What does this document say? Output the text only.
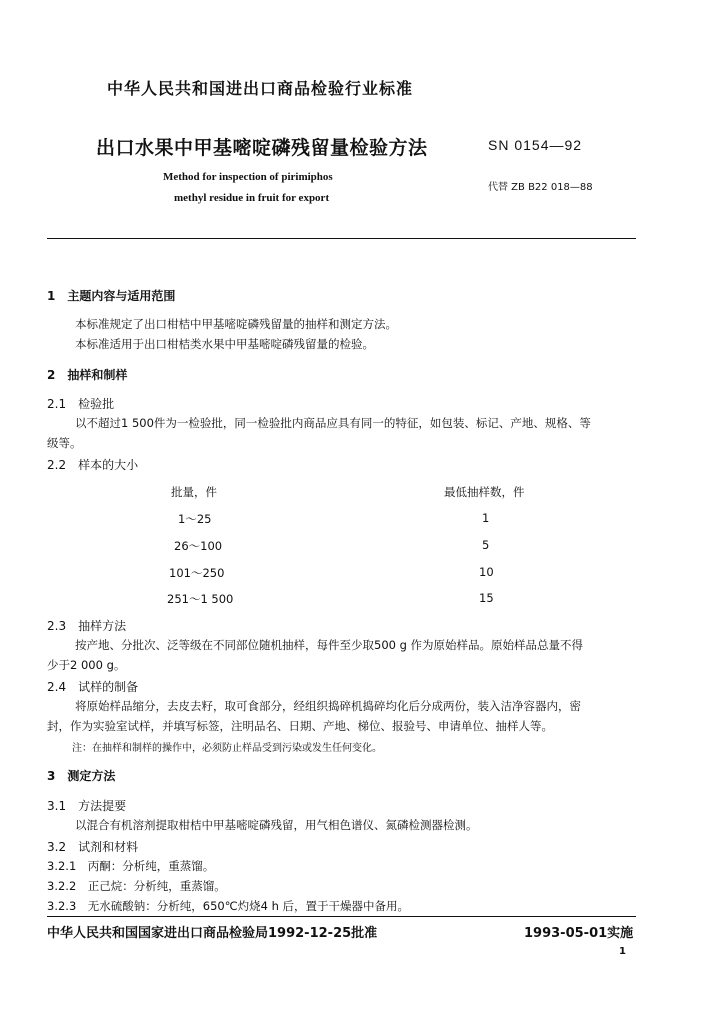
中华人民共和国进出口商品检验行业标准
出口水果中甲基嘧啶磷残留量检验方法	SN 0154—92
Method for inspection of pirimiphos
methyl residue in fruit for export
代替 ZB B22 018—88
1　主题内容与适用范围
本标准规定了出口柑桔中甲基嘧啶磷残留量的抽样和测定方法。
本标准适用于出口柑桔类水果中甲基嘧啶磷残留量的检验。
2　抽样和制样
2.1　检验批
以不超过1 500件为一检验批，同一检验批内商品应具有同一的特征，如包装、标记、产地、规格、等
级等。
2.2　样本的大小
批量，件	最低抽样数，件
1～25	1
26～100	5
101～250	10
251～1 500	15
2.3　抽样方法
按产地、分批次、泛等级在不同部位随机抽样，每件至少取500 g 作为原始样品。原始样品总量不得
少于2 000 g。
2.4　试样的制备
将原始样品缩分，去皮去籽，取可食部分，经组织捣碎机捣碎均化后分成两份，装入洁净容器内，密
封，作为实验室试样，并填写标签，注明品名、日期、产地、梯位、报验号、申请单位、抽样人等。
注：在抽样和制样的操作中，必须防止样品受到污染或发生任何变化。
3　测定方法
3.1　方法提要
以混合有机溶剂提取柑桔中甲基嘧啶磷残留，用气相色谱仪、氮磷检测器检测。
3.2　试剂和材料
3.2.1　丙酮：分析纯，重蒸馏。
3.2.2　正己烷：分析纯，重蒸馏。
3.2.3　无水硫酸钠：分析纯，650℃灼烧4 h 后，置于干燥器中备用。
中华人民共和国国家进出口商品检验局1992-12-25批准	1993-05-01实施
1
